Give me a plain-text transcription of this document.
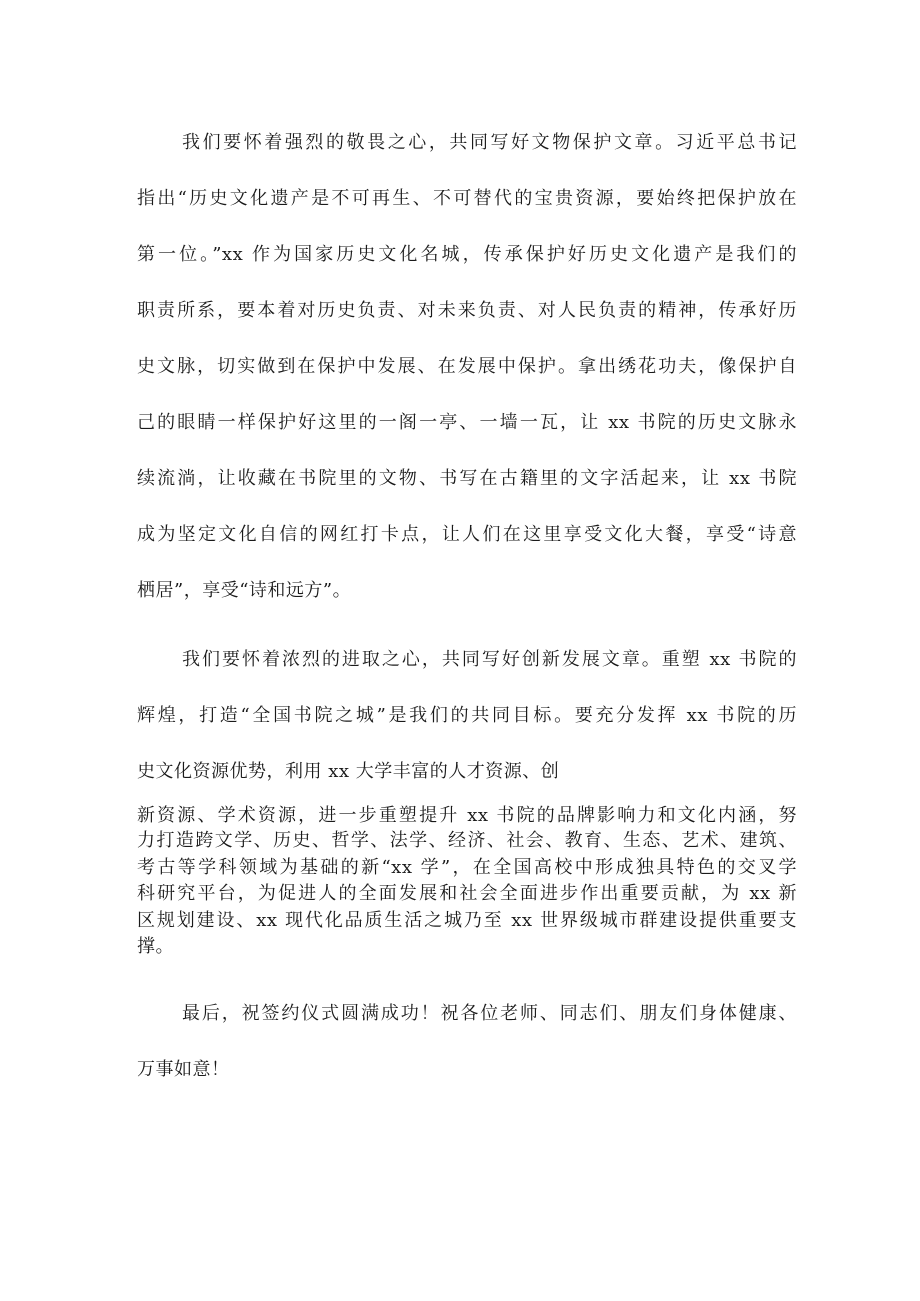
我们要怀着强烈的敬畏之心，共同写好文物保护文章。习近平总书记
指出“历史文化遗产是不可再生、不可替代的宝贵资源，要始终把保护放在
第一位。”xx 作为国家历史文化名城，传承保护好历史文化遗产是我们的
职责所系，要本着对历史负责、对未来负责、对人民负责的精神，传承好历
史文脉，切实做到在保护中发展、在发展中保护。拿出绣花功夫，像保护自
己的眼睛一样保护好这里的一阁一亭、一墙一瓦，让 xx 书院的历史文脉永
续流淌，让收藏在书院里的文物、书写在古籍里的文字活起来，让 xx 书院
成为坚定文化自信的网红打卡点，让人们在这里享受文化大餐，享受“诗意
栖居”，享受“诗和远方”。
我们要怀着浓烈的进取之心，共同写好创新发展文章。重塑 xx 书院的
辉煌，打造“全国书院之城”是我们的共同目标。要充分发挥 xx 书院的历
史文化资源优势，利用 xx 大学丰富的人才资源、创
新资源、学术资源，进一步重塑提升 xx 书院的品牌影响力和文化内涵，努
力打造跨文学、历史、哲学、法学、经济、社会、教育、生态、艺术、建筑、
考古等学科领域为基础的新“xx 学”，在全国高校中形成独具特色的交叉学
科研究平台，为促进人的全面发展和社会全面进步作出重要贡献，为 xx 新
区规划建设、xx 现代化品质生活之城乃至 xx 世界级城市群建设提供重要支
撑。
最后，祝签约仪式圆满成功！祝各位老师、同志们、朋友们身体健康、
万事如意！
